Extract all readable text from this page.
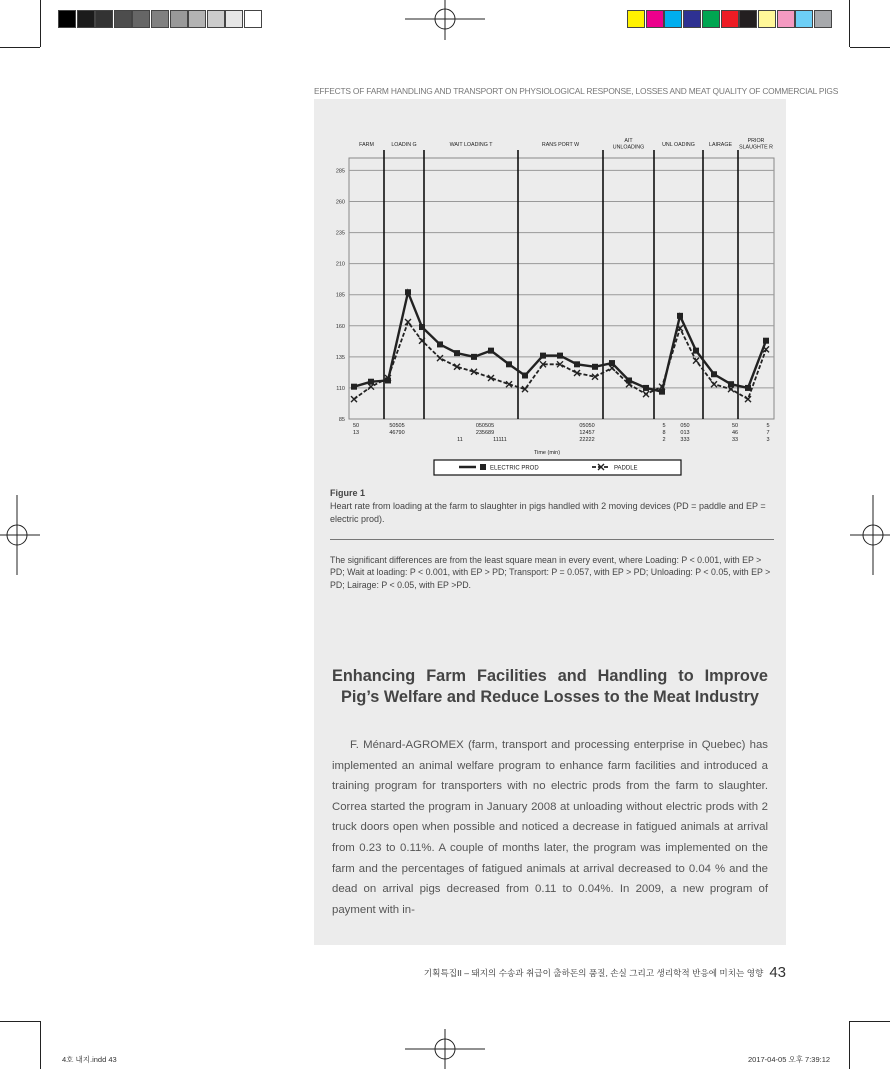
EFFECTS OF FARM HANDLING AND TRANSPORT ON PHYSIOLOGICAL RESPONSE, LOSSES AND MEAT QUALITY OF COMMERCIAL PIGS
85
110
135
160
185
210
235
260
285
FARM	LOADIN G	WAIT LOADING T	RANS PORT W
AIT UNLOADING	UNL OADING	LAIRAGE
PRIOR SLAUGHTE R
50	50505	050505	05050	5	050	50	5
13	46790	235689	12457	8	013	46	7
11	11111	22222	2	333	33	3
Time (min)
ELECTRIC PROD	PADDLE
Figure 1
Heart rate from loading at the farm to slaughter in pigs handled with 2 moving devices (PD = paddle and EP = electric prod).
The significant differences are from the least square mean in every event, where Loading: P < 0.001, with EP > PD; Wait at loading: P < 0.001, with EP > PD; Transport: P = 0.057, with EP > PD; Unloading: P < 0.05, with EP > PD; Lairage: P < 0.05, with EP >PD.
Enhancing Farm Facilities and Handling to Improve Pig’s Welfare and Reduce Losses to the Meat Industry
F. Ménard-AGROMEX (farm, transport and processing enterprise in Quebec) has implemented an animal welfare program to enhance farm facilities and introduced a training program for transporters with no electric prods from the farm to slaughter. Correa started the program in January 2008 at unloading without electric prods with 2 truck doors open when possible and noticed a decrease in fatigued animals at arrival from 0.23 to 0.11%. A couple of months later, the program was implemented on the farm and the percentages of fatigued animals at arrival decreased to 0.04 % and the dead on arrival pigs decreased from 0.11 to 0.04%. In 2009, a new program of payment with in-
기획특집II – 돼지의 수송과 취급이 출하돈의 품질, 손실 그리고 생리학적 반응에 미치는 영향 43
4호 내지.indd 43	2017-04-05 오후 7:39:12
